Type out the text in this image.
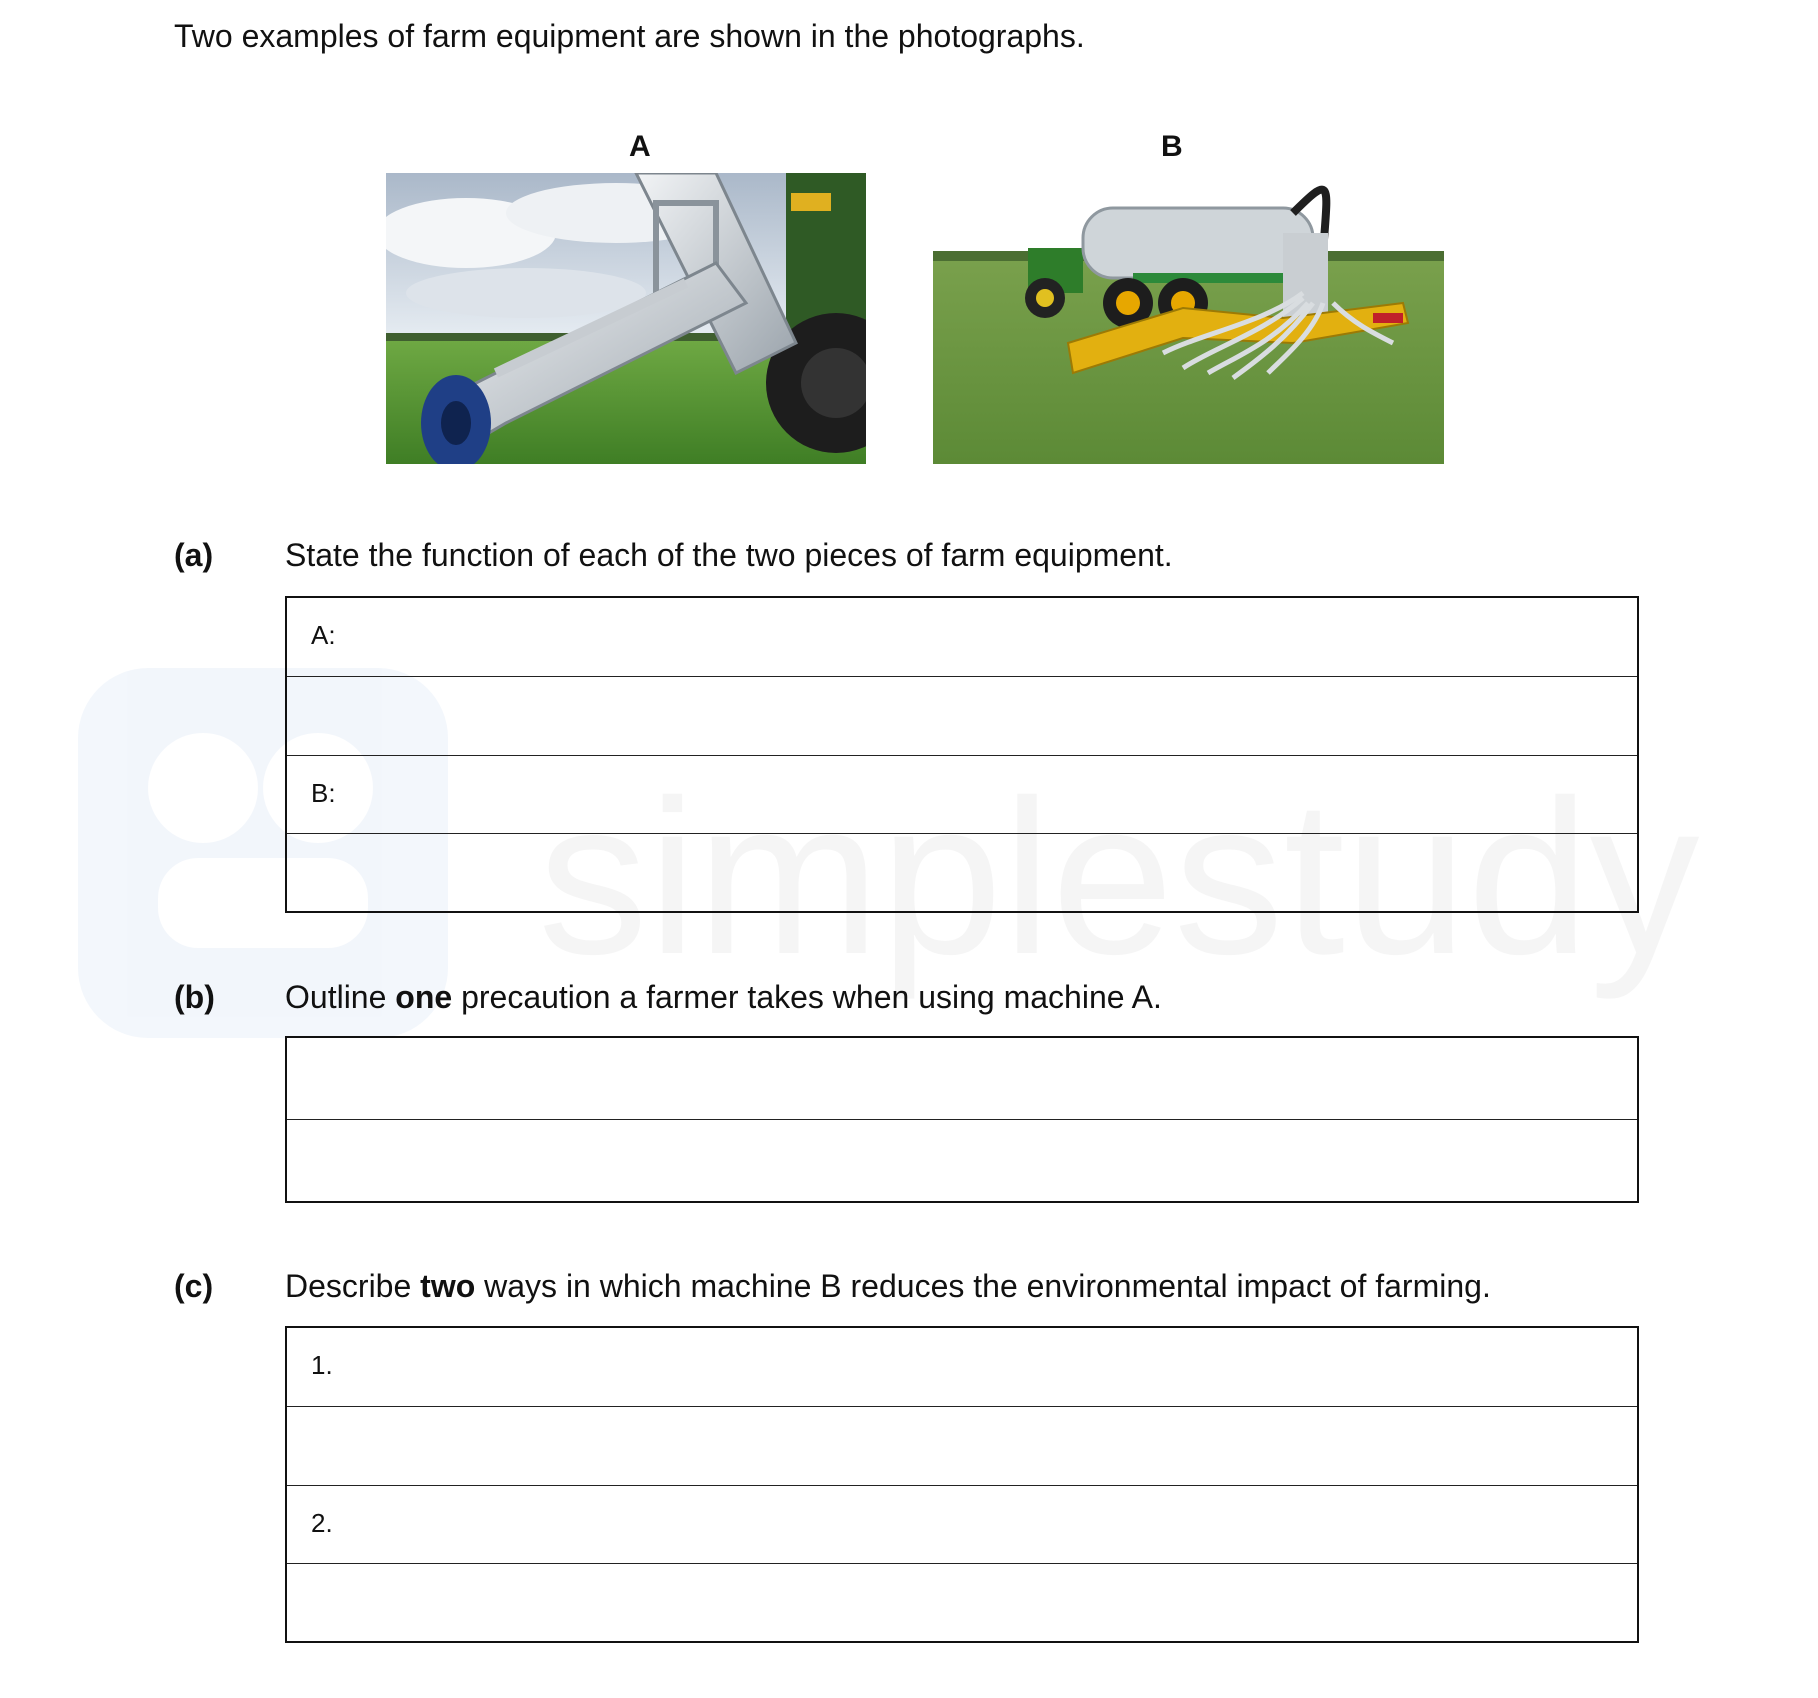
Two examples of farm equipment are shown in the photographs.

A	B

(a) State the function of each of the two pieces of farm equipment.

A:
B:

(b) Outline one precaution a farmer takes when using machine A.

(c) Describe two ways in which machine B reduces the environmental impact of farming.

1.
2.
